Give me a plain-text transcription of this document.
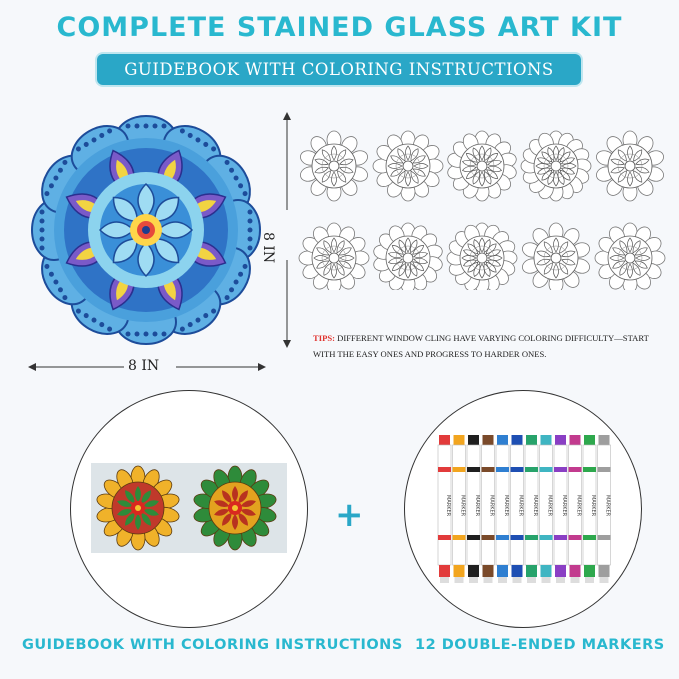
COMPLETE STAINED GLASS ART KIT
GUIDEBOOK WITH COLORING INSTRUCTIONS
8 IN
8 IN
TIPS: DIFFERENT WINDOW CLING HAVE VARYING COLORING DIFFICULTY—START WITH THE EASY ONES AND PROGRESS TO HARDER ONES.
+	MARKER MARKER MARKER MARKER MARKER MARKER MARKER MARKER MARKER MARKER MARKER MARKER
GUIDEBOOK WITH COLORING INSTRUCTIONS 12 DOUBLE-ENDED MARKERS
